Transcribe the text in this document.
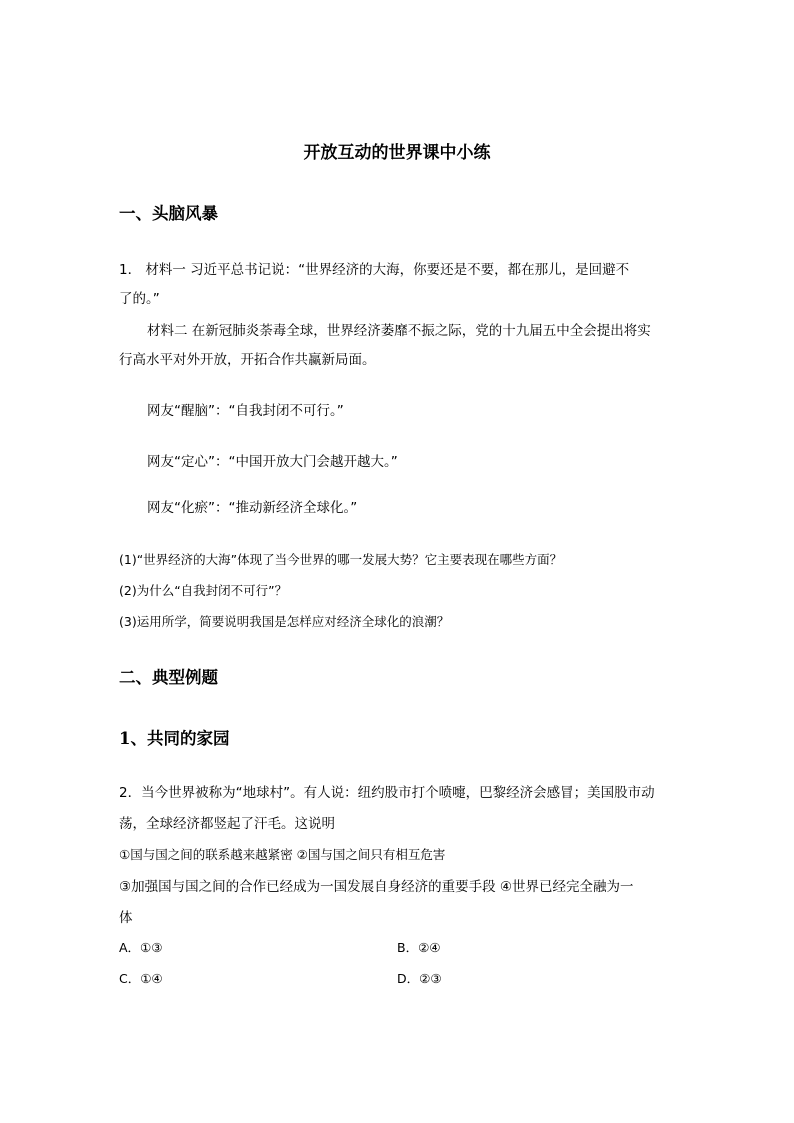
开放互动的世界课中小练
一、头脑风暴
1． 材料一 习近平总书记说：“世界经济的大海，你要还是不要，都在那儿，是回避不
了的。”
材料二 在新冠肺炎荼毒全球，世界经济萎靡不振之际，党的十九届五中全会提出将实
行高水平对外开放，开拓合作共赢新局面。
网友“醒脑”：“自我封闭不可行。”
网友“定心”：“中国开放大门会越开越大。”
网友“化瘀”：“推动新经济全球化。”
(1)“世界经济的大海”体现了当今世界的哪一发展大势？它主要表现在哪些方面？
(2)为什么“自我封闭不可行”？
(3)运用所学，简要说明我国是怎样应对经济全球化的浪潮？
二、典型例题
1、共同的家园
2．当今世界被称为“地球村”。有人说：纽约股市打个喷嚏，巴黎经济会感冒；美国股市动
荡，全球经济都竖起了汗毛。这说明
①国与国之间的联系越来越紧密 ②国与国之间只有相互危害
③加强国与国之间的合作已经成为一国发展自身经济的重要手段 ④世界已经完全融为一
体
A．①③	B．②④
C．①④	D．②③
